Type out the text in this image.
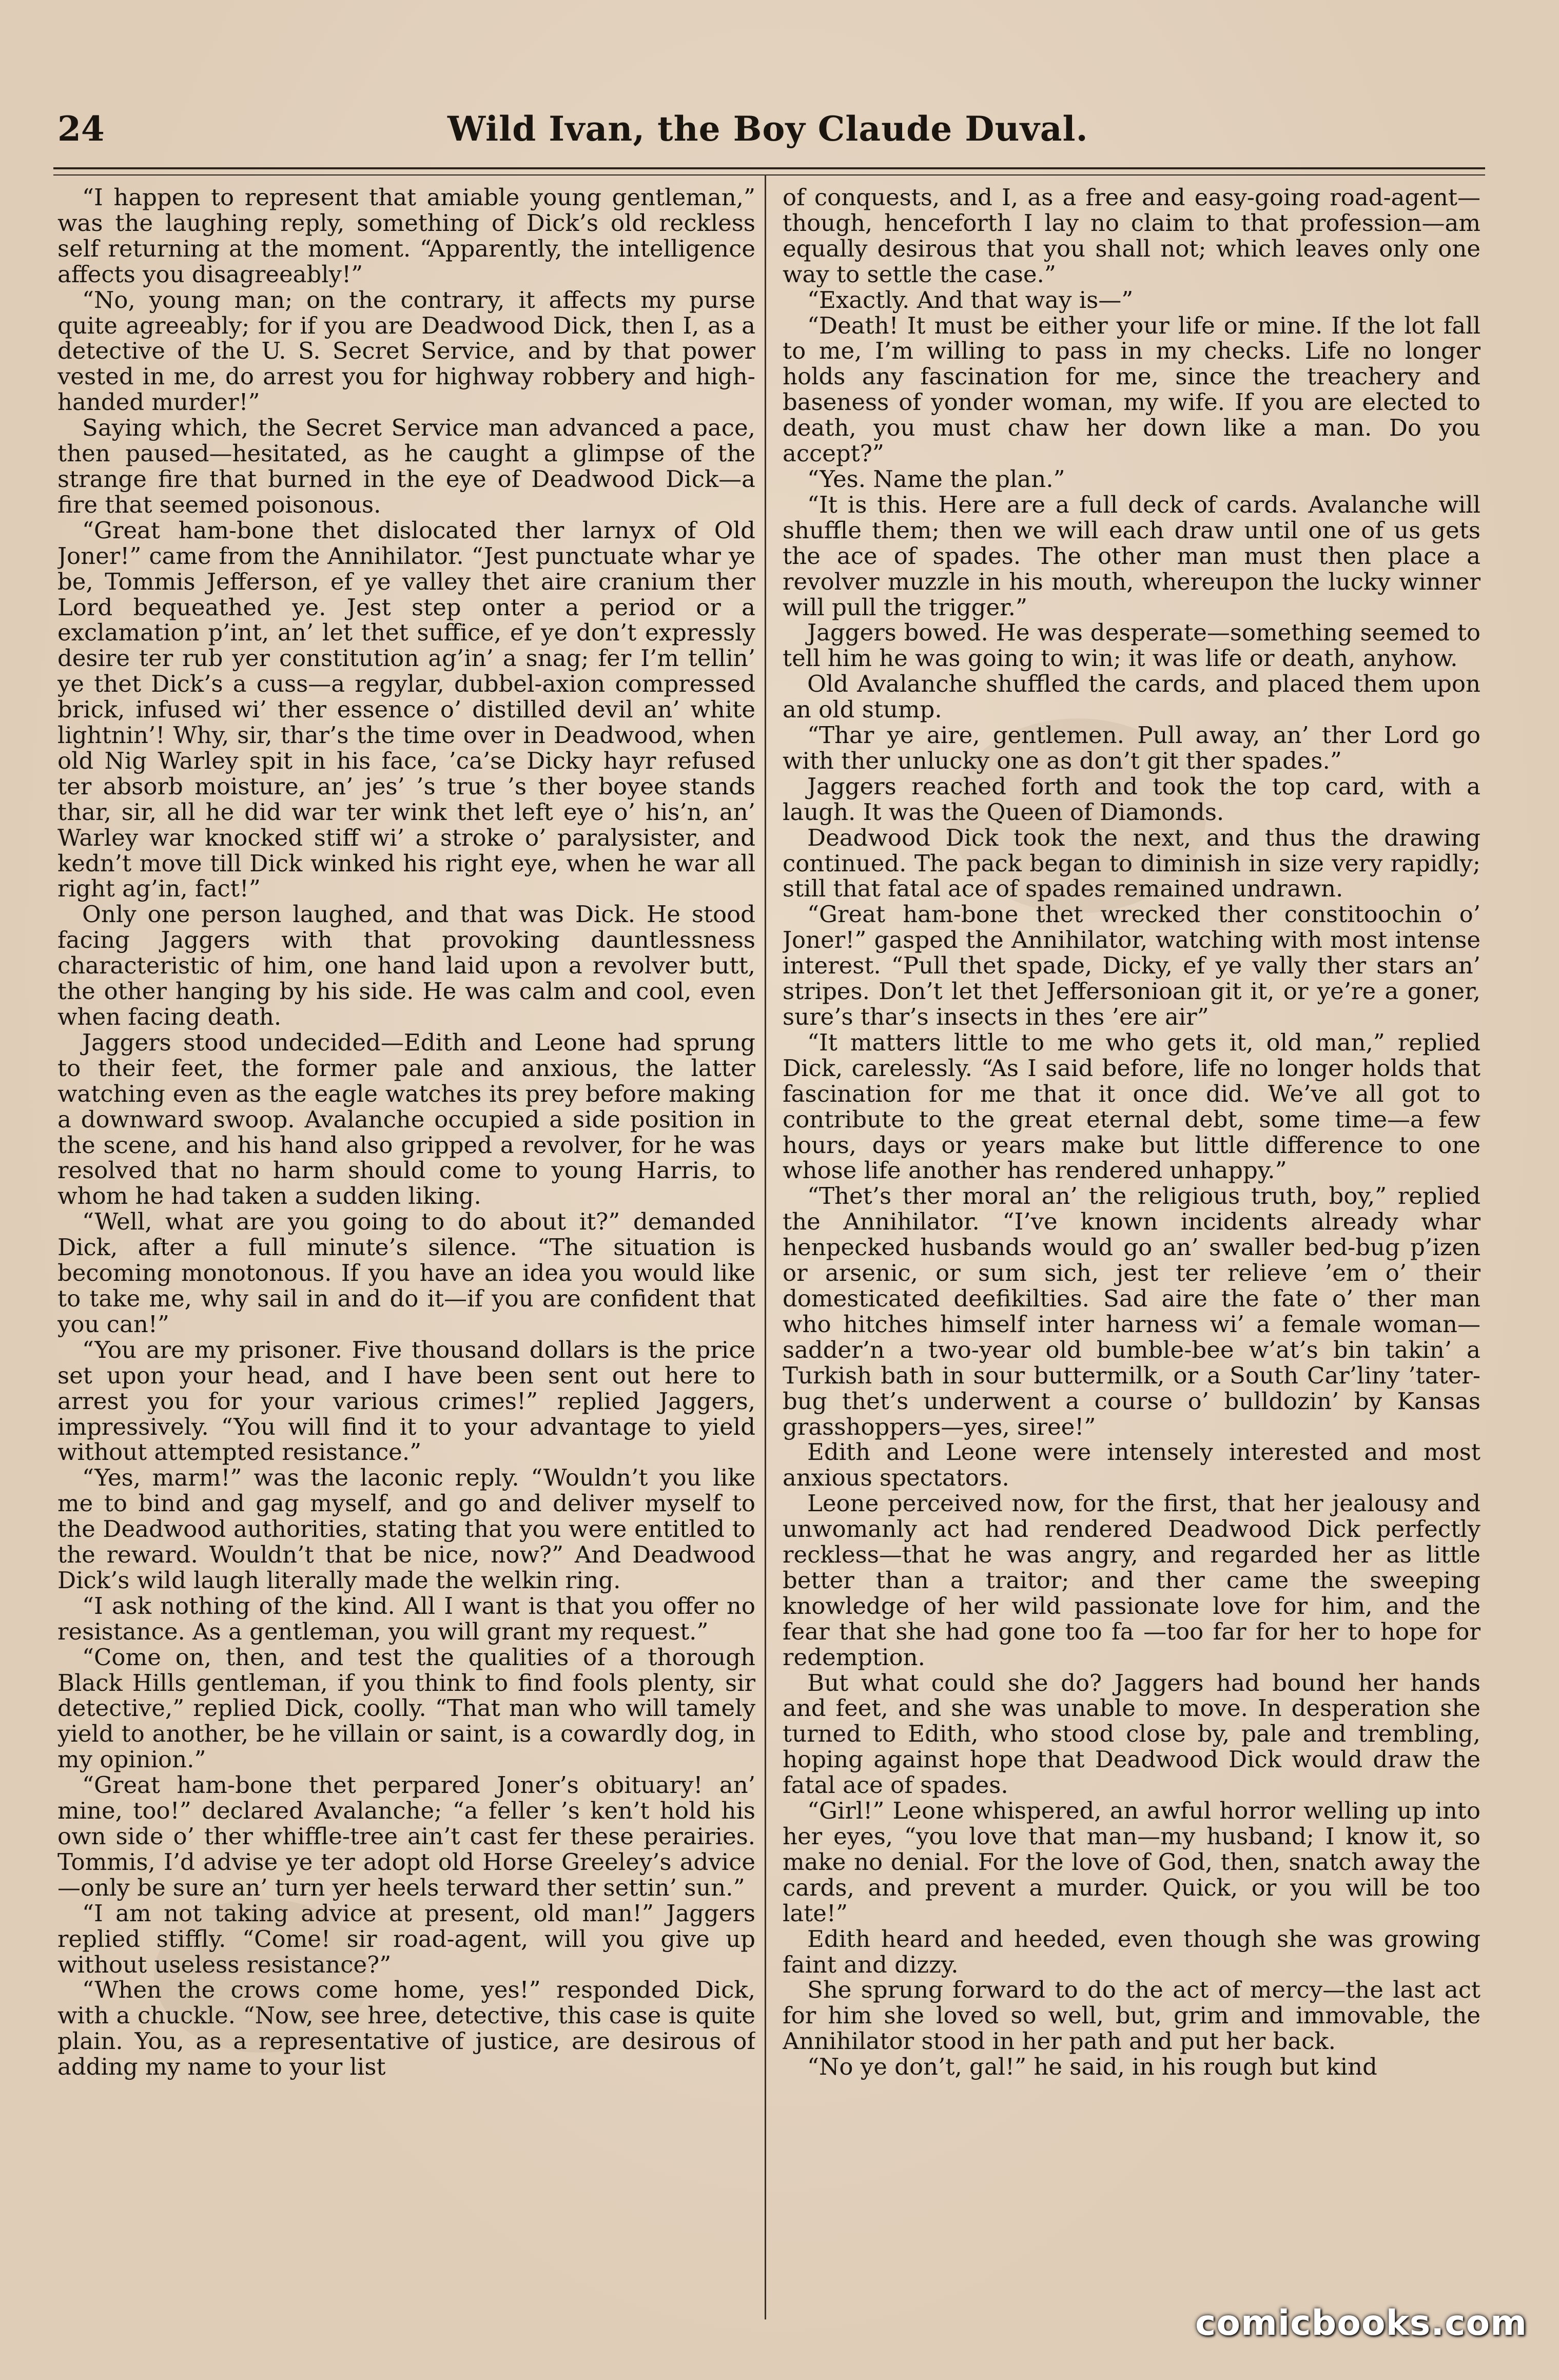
24	Wild Ivan, the Boy Claude Duval.

“I happen to represent that amiable young gentleman,” was the laughing reply, something of Dick’s old reckless self returning at the moment. “Apparently, the intelligence affects you disagreeably!”

“No, young man; on the contrary, it affects my purse quite agreeably; for if you are Deadwood Dick, then I, as a detective of the U. S. Secret Service, and by that power vested in me, do arrest you for highway robbery and high-handed murder!”

Saying which, the Secret Service man advanced a pace, then paused—hesitated, as he caught a glimpse of the strange fire that burned in the eye of Deadwood Dick—a fire that seemed poisonous.

“Great ham-bone thet dislocated ther larnyx of Old Joner!” came from the Annihilator. “Jest punctuate whar ye be, Tommis Jefferson, ef ye valley thet aire cranium ther Lord bequeathed ye. Jest step onter a period or a exclamation p’int, an’ let thet suffice, ef ye don’t expressly desire ter rub yer constitution ag’in’ a snag; fer I’m tellin’ ye thet Dick’s a cuss—a regylar, dubbel-axion compressed brick, infused wi’ ther essence o’ distilled devil an’ white lightnin’! Why, sir, thar’s the time over in Deadwood, when old Nig Warley spit in his face, ’ca’se Dicky hayr refused ter absorb moisture, an’ jes’ ’s true ’s ther boyee stands thar, sir, all he did war ter wink thet left eye o’ his’n, an’ Warley war knocked stiff wi’ a stroke o’ paralysister, and kedn’t move till Dick winked his right eye, when he war all right ag’in, fact!”

Only one person laughed, and that was Dick. He stood facing Jaggers with that provoking dauntlessness characteristic of him, one hand laid upon a revolver butt, the other hanging by his side. He was calm and cool, even when facing death.

Jaggers stood undecided—Edith and Leone had sprung to their feet, the former pale and anxious, the latter watching even as the eagle watches its prey before making a downward swoop. Avalanche occupied a side position in the scene, and his hand also gripped a revolver, for he was resolved that no harm should come to young Harris, to whom he had taken a sudden liking.

“Well, what are you going to do about it?” demanded Dick, after a full minute’s silence. “The situation is becoming monotonous. If you have an idea you would like to take me, why sail in and do it—if you are confident that you can!”

“You are my prisoner. Five thousand dollars is the price set upon your head, and I have been sent out here to arrest you for your various crimes!” replied Jaggers, impressively. “You will find it to your advantage to yield without attempted resistance.”

“Yes, marm!” was the laconic reply. “Wouldn’t you like me to bind and gag myself, and go and deliver myself to the Deadwood authorities, stating that you were entitled to the reward. Wouldn’t that be nice, now?” And Deadwood Dick’s wild laugh literally made the welkin ring.

“I ask nothing of the kind. All I want is that you offer no resistance. As a gentleman, you will grant my request.”

“Come on, then, and test the qualities of a thorough Black Hills gentleman, if you think to find fools plenty, sir detective,” replied Dick, coolly. “That man who will tamely yield to another, be he villain or saint, is a cowardly dog, in my opinion.”

“Great ham-bone thet perpared Joner’s obituary! an’ mine, too!” declared Avalanche; “a feller ’s ken’t hold his own side o’ ther whiffle-tree ain’t cast fer these perairies. Tommis, I’d advise ye ter adopt old Horse Greeley’s advice—only be sure an’ turn yer heels terward ther settin’ sun.”

“I am not taking advice at present, old man!” Jaggers replied stiffly. “Come! sir road-agent, will you give up without useless resistance?”

“When the crows come home, yes!” responded Dick, with a chuckle. “Now, see hree, detective, this case is quite plain. You, as a representative of justice, are desirous of adding my name to your list

of conquests, and I, as a free and easy-going road-agent—though, henceforth I lay no claim to that profession—am equally desirous that you shall not; which leaves only one way to settle the case.”

“Exactly. And that way is—”

“Death! It must be either your life or mine. If the lot fall to me, I’m willing to pass in my checks. Life no longer holds any fascination for me, since the treachery and baseness of yonder woman, my wife. If you are elected to death, you must chaw her down like a man. Do you accept?”

“Yes. Name the plan.”

“It is this. Here are a full deck of cards. Avalanche will shuffle them; then we will each draw until one of us gets the ace of spades. The other man must then place a revolver muzzle in his mouth, whereupon the lucky winner will pull the trigger.”

Jaggers bowed. He was desperate—something seemed to tell him he was going to win; it was life or death, anyhow.

Old Avalanche shuffled the cards, and placed them upon an old stump.

“Thar ye aire, gentlemen. Pull away, an’ ther Lord go with ther unlucky one as don’t git ther spades.”

Jaggers reached forth and took the top card, with a laugh. It was the Queen of Diamonds.

Deadwood Dick took the next, and thus the drawing continued. The pack began to diminish in size very rapidly; still that fatal ace of spades remained undrawn.

“Great ham-bone thet wrecked ther constitoochin o’ Joner!” gasped the Annihilator, watching with most intense interest. “Pull thet spade, Dicky, ef ye vally ther stars an’ stripes. Don’t let thet Jeffersonioan git it, or ye’re a goner, sure’s thar’s insects in thes ’ere air”

“It matters little to me who gets it, old man,” replied Dick, carelessly. “As I said before, life no longer holds that fascination for me that it once did. We’ve all got to contribute to the great eternal debt, some time—a few hours, days or years make but little difference to one whose life another has rendered unhappy.”

“Thet’s ther moral an’ the religious truth, boy,” replied the Annihilator. “I’ve known incidents already whar henpecked husbands would go an’ swaller bed-bug p’izen or arsenic, or sum sich, jest ter relieve ’em o’ their domesticated deefikilties. Sad aire the fate o’ ther man who hitches himself inter harness wi’ a female woman—sadder’n a two-year old bumble-bee w’at’s bin takin’ a Turkish bath in sour buttermilk, or a South Car’liny ’tater-bug thet’s underwent a course o’ bulldozin’ by Kansas grasshoppers—yes, siree!”

Edith and Leone were intensely interested and most anxious spectators.

Leone perceived now, for the first, that her jealousy and unwomanly act had rendered Deadwood Dick perfectly reckless—that he was angry, and regarded her as little better than a traitor; and ther came the sweeping knowledge of her wild passionate love for him, and the fear that she had gone too fa —too far for her to hope for redemption.

But what could she do? Jaggers had bound her hands and feet, and she was unable to move. In desperation she turned to Edith, who stood close by, pale and trembling, hoping against hope that Deadwood Dick would draw the fatal ace of spades.

“Girl!” Leone whispered, an awful horror welling up into her eyes, “you love that man—my husband; I know it, so make no denial. For the love of God, then, snatch away the cards, and prevent a murder. Quick, or you will be too late!”

Edith heard and heeded, even though she was growing faint and dizzy.

She sprung forward to do the act of mercy—the last act for him she loved so well, but, grim and immovable, the Annihilator stood in her path and put her back.

“No ye don’t, gal!” he said, in his rough but kind

comicbooks.com
